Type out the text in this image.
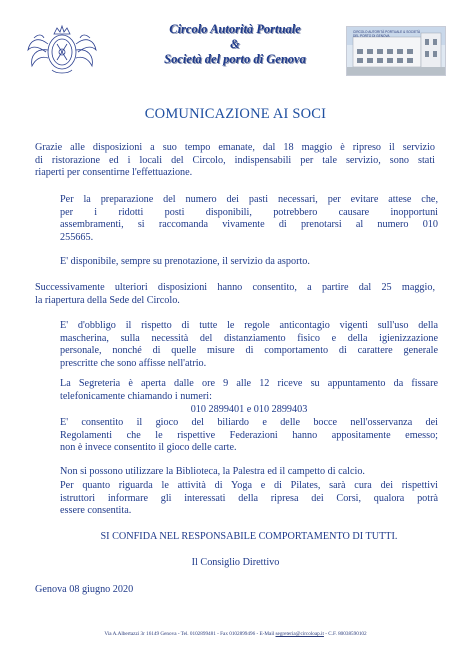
Circolo Autorità Portuale
&
Società del porto di Genova
CIRCOLO AUTORITÀ PORTUALE & SOCIETÀ DEL PORTO DI GENOVA
COMUNICAZIONE AI SOCI
Grazie alle disposizioni a suo tempo emanate, dal 18 maggio è ripreso il servizio
di ristorazione ed i locali del Circolo, indispensabili per tale servizio, sono stati
riaperti per consentirne l'effettuazione.
Per la preparazione del numero dei pasti necessari, per evitare attese che,
per i ridotti posti disponibili, potrebbero causare inopportuni
assembramenti, si raccomanda vivamente di prenotarsi al numero 010
255665.
E' disponibile, sempre su prenotazione, il servizio da asporto.
Successivamente ulteriori disposizioni hanno consentito, a partire dal 25 maggio,
la riapertura della Sede del Circolo.
E' d'obbligo il rispetto di tutte le regole anticontagio vigenti sull'uso della
mascherina, sulla necessità del distanziamento fisico e della igienizzazione
personale, nonché di quelle misure di comportamento di carattere generale
prescritte che sono affisse nell'atrio.
La Segreteria è aperta dalle ore 9 alle 12 riceve su appuntamento da fissare
telefonicamente chiamando i numeri:
010 2899401 e 010 2899403
E' consentito il gioco del biliardo e delle bocce nell'osservanza dei
Regolamenti che le rispettive Federazioni hanno appositamente emesso;
non è invece consentito il gioco delle carte.
Non si possono utilizzare la Biblioteca, la Palestra ed il campetto di calcio.
Per quanto riguarda le attività di Yoga e di Pilates, sarà cura dei rispettivi
istruttori informare gli interessati della ripresa dei Corsi, qualora potrà
essere consentita.
SI CONFIDA NEL RESPONSABILE COMPORTAMENTO DI TUTTI.
Il Consiglio Direttivo
Genova 08 giugno 2020
Via A.Albertazzi 3r 16149 Genova - Tel. 0102899481 - Fax 0102899496 - E-Mail segreteria@circoloap.it - C.F. 80038590102
